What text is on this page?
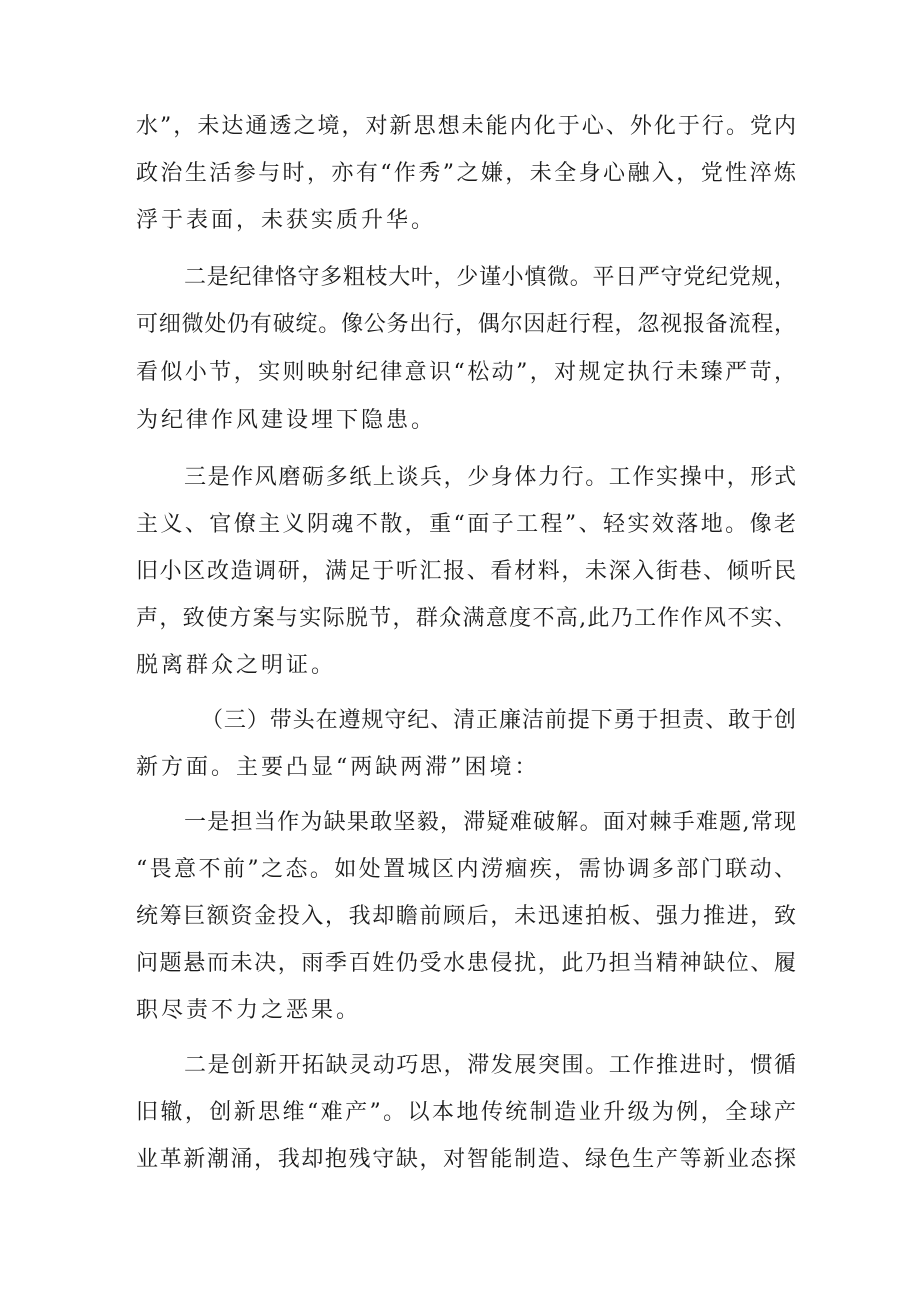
水”，未达通透之境，对新思想未能内化于心、外化于行。党内
政治生活参与时，亦有“作秀”之嫌，未全身心融入，党性淬炼
浮于表面，未获实质升华。
二是纪律恪守多粗枝大叶，少谨小慎微。平日严守党纪党规，
可细微处仍有破绽。像公务出行，偶尔因赶行程，忽视报备流程，
看似小节，实则映射纪律意识“松动”，对规定执行未臻严苛，
为纪律作风建设埋下隐患。
三是作风磨砺多纸上谈兵，少身体力行。工作实操中，形式
主义、官僚主义阴魂不散，重“面子工程”、轻实效落地。像老
旧小区改造调研，满足于听汇报、看材料，未深入街巷、倾听民
声，致使方案与实际脱节，群众满意度不高,此乃工作作风不实、
脱离群众之明证。
（三）带头在遵规守纪、清正廉洁前提下勇于担责、敢于创
新方面。主要凸显“两缺两滞”困境：
一是担当作为缺果敢坚毅，滞疑难破解。面对棘手难题,常现
“畏意不前”之态。如处置城区内涝痼疾，需协调多部门联动、
统筹巨额资金投入，我却瞻前顾后，未迅速拍板、强力推进，致
问题悬而未决，雨季百姓仍受水患侵扰，此乃担当精神缺位、履
职尽责不力之恶果。
二是创新开拓缺灵动巧思，滞发展突围。工作推进时，惯循
旧辙，创新思维“难产”。以本地传统制造业升级为例，全球产
业革新潮涌，我却抱残守缺，对智能制造、绿色生产等新业态探
